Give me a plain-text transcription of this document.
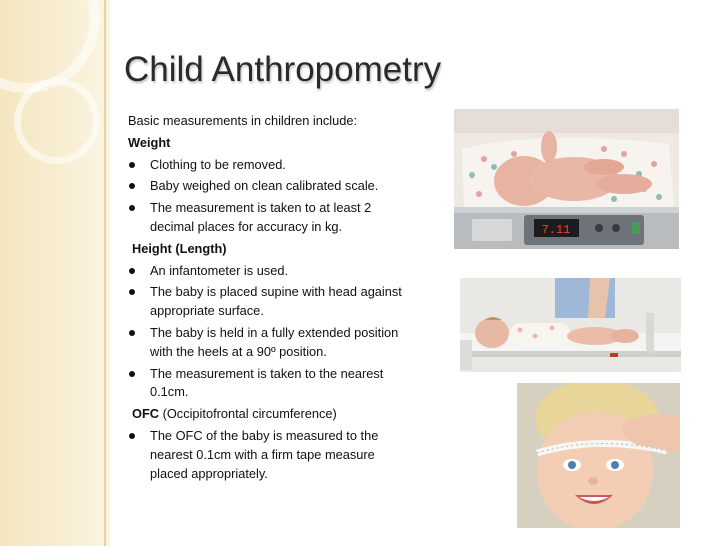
Child Anthropometry
Basic measurements in children include:
Weight
Clothing to be removed.
Baby weighed on clean calibrated scale.
The measurement is taken to at least 2
decimal places for accuracy in kg.
Height (Length)
An infantometer is used.
The baby is placed supine with head against
appropriate surface.
The baby is held in a fully extended position
with the heels at a 90º position.
The measurement is taken to the nearest
0.1cm.
OFC (Occipitofrontal circumference)
The OFC of the baby is measured to the
nearest 0.1cm with a firm tape measure
placed appropriately.
7.11
